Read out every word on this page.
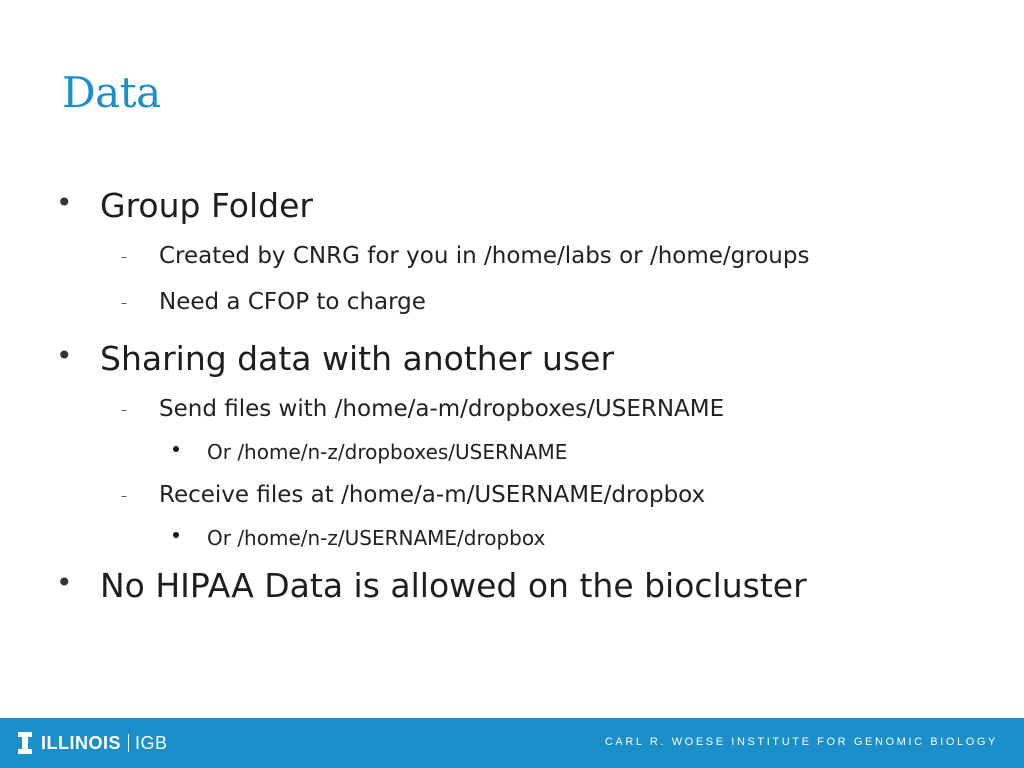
Data
• Group Folder
– Created by CNRG for you in /home/labs or /home/groups
– Need a CFOP to charge
• Sharing data with another user
– Send files with /home/a-m/dropboxes/USERNAME
Or /home/n-z/dropboxes/USERNAME
– Receive files at /home/a-m/USERNAME/dropbox
Or /home/n-z/USERNAME/dropbox
• No HIPAA Data is allowed on the biocluster
ILLINOIS IGB	CARL R. WOESE INSTITUTE FOR GENOMIC BIOLOGY
